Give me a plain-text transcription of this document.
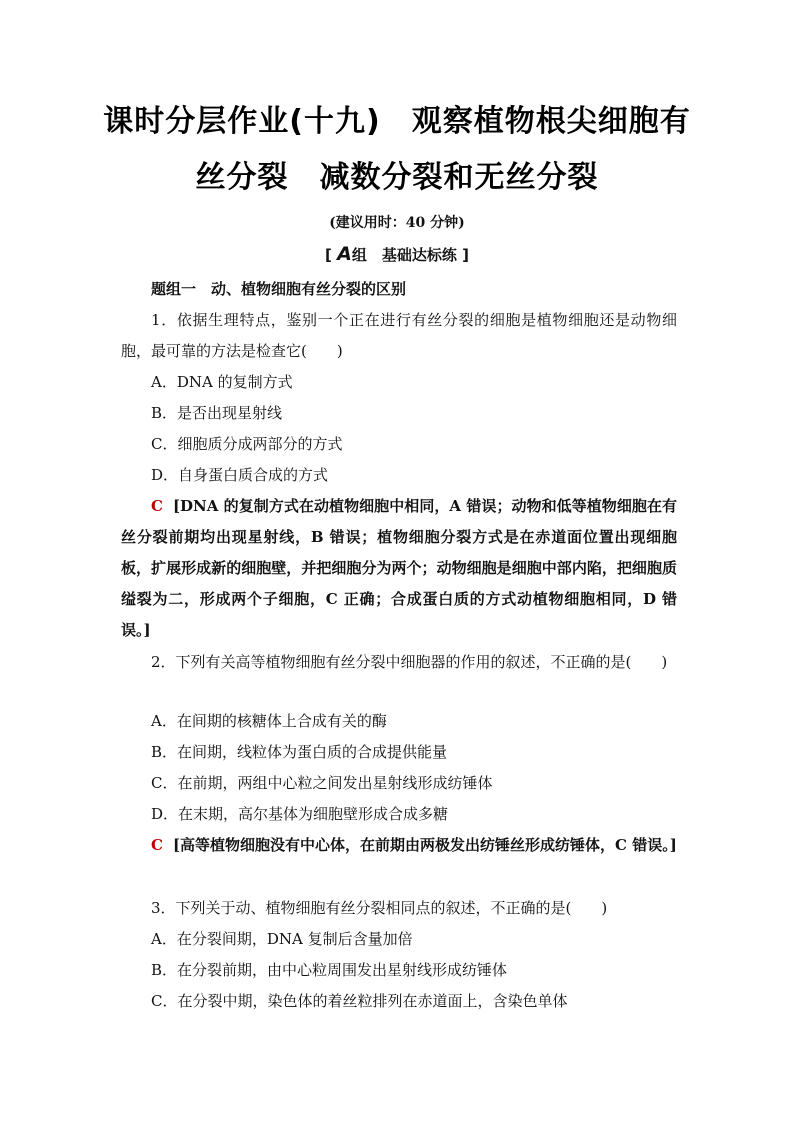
课时分层作业(十九)　观察植物根尖细胞有
丝分裂　减数分裂和无丝分裂
(建议用时：40 分钟)
[ A组　基础达标练 ]
题组一　动、植物细胞有丝分裂的区别
1．依据生理特点，鉴别一个正在进行有丝分裂的细胞是植物细胞还是动物细胞，最可靠的方法是检查它(　　)
A．DNA 的复制方式
B．是否出现星射线
C．细胞质分成两部分的方式
D．自身蛋白质合成的方式
C [DNA 的复制方式在动植物细胞中相同，A 错误；动物和低等植物细胞在有丝分裂前期均出现星射线，B 错误；植物细胞分裂方式是在赤道面位置出现细胞板，扩展形成新的细胞壁，并把细胞分为两个；动物细胞是细胞中部内陷，把细胞质缢裂为二，形成两个子细胞，C 正确；合成蛋白质的方式动植物细胞相同，D 错误。]
2．下列有关高等植物细胞有丝分裂中细胞器的作用的叙述，不正确的是(　　)
A．在间期的核糖体上合成有关的酶
B．在间期，线粒体为蛋白质的合成提供能量
C．在前期，两组中心粒之间发出星射线形成纺锤体
D．在末期，高尔基体为细胞壁形成合成多糖
C [高等植物细胞没有中心体，在前期由两极发出纺锤丝形成纺锤体，C 错误。]
3．下列关于动、植物细胞有丝分裂相同点的叙述，不正确的是(　　)
A．在分裂间期，DNA 复制后含量加倍
B．在分裂前期，由中心粒周围发出星射线形成纺锤体
C．在分裂中期，染色体的着丝粒排列在赤道面上，含染色单体
